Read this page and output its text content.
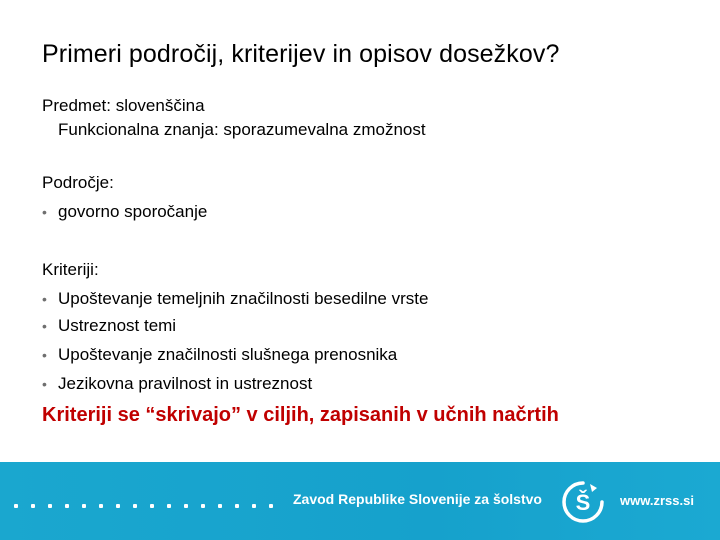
Primeri področij, kriterijev in opisov dosežkov?
Predmet: slovenščina
Funkcionalna znanja: sporazumevalna zmožnost
Področje:
• govorno sporočanje
Kriteriji:
• Upoštevanje temeljnih značilnosti besedilne vrste
• Ustreznost temi
• Upoštevanje značilnosti slušnega prenosnika
• Jezikovna pravilnost in ustreznost
Kriteriji se “skrivajo” v ciljih, zapisanih v učnih načrtih
Zavod Republike Slovenije za šolstvo Š www.zrss.si
